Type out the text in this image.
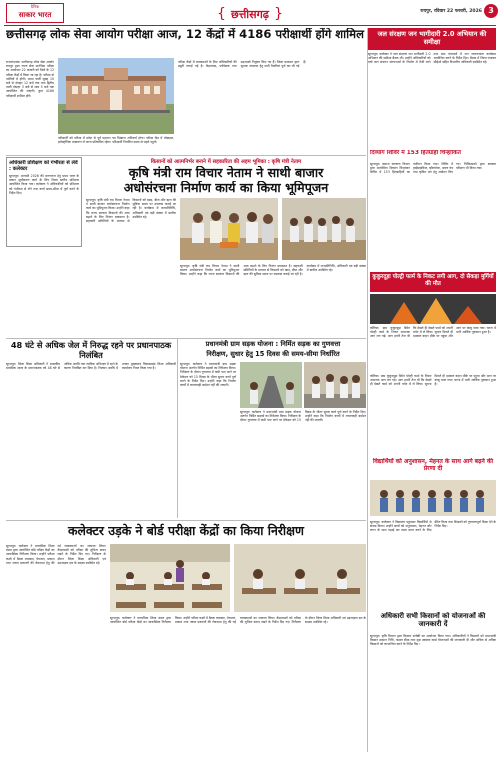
दैनिक
साकार भारत	{ छत्तीसगढ़ }	रायपुर, रविवार 22 फरवरी, 2026 3
छत्तीसगढ़ लोक सेवा आयोग परीक्षा आज, 12 केंद्रों में 4186 परीक्षार्थी होंगे शामिल
राजनांदगांव। छत्तीसगढ़ लोक सेवा आयोग रायपुर द्वारा राज्य सेवा प्रारंभिक परीक्षा का आयोजन 22 फरवरी को जिले के 12 परीक्षा केंद्रों में किया जा रहा है। परीक्षा दो पालियों में होगी। प्रथम पाली सुबह 10 बजे से दोपहर 12 बजे तक तथा द्वितीय पाली दोपहर 3 बजे से शाम 5 बजे तक आयोजित की जाएगी। कुल 4186 परीक्षार्थी शामिल होंगे।
परीक्षार्थी को परीक्षा में प्रवेश से पूर्व पहचान पत्र दिखाना अनिवार्य होगा। परीक्षा केंद्र में मोबाइल, इलेक्ट्रॉनिक उपकरण ले जाना प्रतिबंधित रहेगा। परीक्षार्थी निर्धारित समय से पहले पहुंचें।
परीक्षा केंद्रों में व्यवस्थाओं के लिए अधिकारियों की ड्यूटी लगाई गई है। केंद्राध्यक्ष, पर्यवेक्षक तथा उड़नदस्ते नियुक्त किए गए हैं। जिला प्रशासन द्वारा सुचारू संचालन हेतु सभी तैयारियां पूर्ण कर ली गई हैं।
जल संरक्षण जन भागीदारी 2.0 अभियान की समीक्षा
सूरजपुर। कलेक्टर ने जल संरक्षण जन भागीदारी 2.0 अभियान की समीक्षा बैठक ली। उन्होंने अधिकारियों को वर्षा जल संचयन संरचनाओं के निर्माण में तेजी लाने तथा ग्राम पंचायतों में जन जागरूकता कार्यक्रम आयोजित करने के निर्देश दिए। बैठक में जिला पंचायत सीईओ सहित विभागीय अधिकारी उपस्थित रहे।
अधिकारी प्रशिक्षण को गंभीरता से लेवें : कलेक्टर
सूरजपुर। आगामी 2026 की जनगणना हेतु प्रथम चरण के मकान सूचीकरण कार्य के लिए जिला स्तरीय प्रशिक्षण आयोजित किया गया। कलेक्टर ने अधिकारियों को प्रशिक्षण को गंभीरता से लेने तथा कार्य समय-सीमा में पूर्ण करने के निर्देश दिए।
किसानों को आत्मनिर्भर बनाने में सहकारिता की अहम भूमिका : कृषि मंत्री नेताम
कृषि मंत्री राम विचार नेताम ने साथी बाजार
अधोसंरचना निर्माण कार्य का किया भूमिपूजन
सूरजपुर। कृषि मंत्री राम विचार नेताम ने साथी बाजार अधोसंरचना निर्माण कार्य का भूमिपूजन किया। उन्होंने कहा कि राज्य सरकार किसानों की आय बढ़ाने के लिए निरंतर प्रयासरत है। सहकारी समितियों के माध्यम से किसानों को खाद, बीज और ऋण की सुविधा समय पर उपलब्ध कराई जा रही है। कार्यक्रम में जनप्रतिनिधि, अधिकारी एवं बड़ी संख्या में ग्रामीण उपस्थित रहे।
सूरजपुर। कृषि मंत्री राम विचार नेताम ने साथी बाजार अधोसंरचना निर्माण कार्य का भूमिपूजन किया। उन्होंने कहा कि राज्य सरकार किसानों की आय बढ़ाने के लिए निरंतर प्रयासरत है। सहकारी समितियों के माध्यम से किसानों को खाद, बीज और ऋण की सुविधा समय पर उपलब्ध कराई जा रही है। कार्यक्रम में जनप्रतिनिधि, अधिकारी एवं बड़ी संख्या में ग्रामीण उपस्थित रहे।
दिव्यांग शिविर में 153 हितग्राही चिन्हांकित
सूरजपुर। समाज कल्याण विभाग द्वारा आयोजित दिव्यांग चिन्हांकन शिविर में 153 हितग्राहियों का पंजीयन किया गया। शिविर में ट्राईसाइकिल, व्हीलचेयर, श्रवण यंत्र तथा कृत्रिम अंग हेतु आवेदन लिए गए। चिकित्सकों द्वारा स्वास्थ्य परीक्षण भी किया गया।
कुकुरदूड़ा पोल्ट्री फार्म के निकट लगी आग, दो सैकड़ा मुर्गियों की मौत
कोरिया। ग्राम कुकुरदूड़ा स्थित पोल्ट्री फार्म के निकट अचानक आग लग गई। आग इतनी तेज थी कि देखते ही देखते फार्म को अपनी चपेट में ले लिया। सूचना मिलते ही दमकल वाहन मौके पर पहुंचा और आग पर काबू पाया गया। घटना में भारी आर्थिक नुकसान हुआ है।
48 घंटे से अधिक जेल में निरुद्ध रहने पर प्रधानपाठक निलंबित
सूरजपुर। जिला शिक्षा अधिकारी ने शासकीय प्राथमिक शाला के प्रधानपाठक को 48 घंटे से अधिक अवधि तक न्यायिक अभिरक्षा में रहने के कारण निलंबित कर दिया है। निलंबन अवधि में उनका मुख्यालय विकासखंड शिक्षा अधिकारी कार्यालय नियत किया गया है।
प्रधानमंत्री ग्राम सड़क योजना : निर्मित सड़क का गुणवत्ता
निरीक्षण, सुधार हेतु 15 दिवस की समय-सीमा निर्धारित
सूरजपुर। कलेक्टर ने प्रधानमंत्री ग्राम सड़क योजना अंतर्गत निर्मित सड़कों का निरीक्षण किया। निरीक्षण के दौरान गुणवत्ता में कमी पाए जाने पर ठेकेदार को 15 दिवस के भीतर सुधार कार्य पूर्ण करने के निर्देश दिए। उन्होंने कहा कि निर्माण कार्यों में लापरवाही बर्दाश्त नहीं की जाएगी।
सूरजपुर। कलेक्टर ने प्रधानमंत्री ग्राम सड़क योजना अंतर्गत निर्मित सड़कों का निरीक्षण किया। निरीक्षण के दौरान गुणवत्ता में कमी पाए जाने पर ठेकेदार को 15 दिवस के भीतर सुधार कार्य पूर्ण करने के निर्देश दिए। उन्होंने कहा कि निर्माण कार्यों में लापरवाही बर्दाश्त नहीं की जाएगी।
कोरिया। ग्राम कुकुरदूड़ा स्थित पोल्ट्री फार्म के निकट अचानक आग लग गई। आग इतनी तेज थी कि देखते ही देखते फार्म को अपनी चपेट में ले लिया। सूचना मिलते ही दमकल वाहन मौके पर पहुंचा और आग पर काबू पाया गया। घटना में भारी आर्थिक नुकसान हुआ है।
विद्यार्थियों को अनुशासन, मेहनत के साथ आगे बढ़ने की प्रेरणा दी
कलेक्टर उड़के ने बोर्ड परीक्षा केंद्रों का किया निरीक्षण
सूरजपुर। कलेक्टर ने माध्यमिक शिक्षा मंडल द्वारा आयोजित बोर्ड परीक्षा केंद्रों का आकस्मिक निरीक्षण किया। उन्होंने परीक्षा कक्षों में बैठक व्यवस्था, पेयजल, प्रकाश तथा नकल प्रकरणों की रोकथाम हेतु की गई व्यवस्थाओं का जायजा लिया। केंद्राध्यक्षों को परीक्षा की शुचिता बनाए रखने के निर्देश दिए गए। निरीक्षण के दौरान जिला शिक्षा अधिकारी एवं उड़नदस्ता दल के सदस्य उपस्थित रहे।
सूरजपुर। कलेक्टर ने माध्यमिक शिक्षा मंडल द्वारा आयोजित बोर्ड परीक्षा केंद्रों का आकस्मिक निरीक्षण किया। उन्होंने परीक्षा कक्षों में बैठक व्यवस्था, पेयजल, प्रकाश तथा नकल प्रकरणों की रोकथाम हेतु की गई व्यवस्थाओं का जायजा लिया। केंद्राध्यक्षों को परीक्षा की शुचिता बनाए रखने के निर्देश दिए गए। निरीक्षण के दौरान जिला शिक्षा अधिकारी एवं उड़नदस्ता दल के सदस्य उपस्थित रहे।
सूरजपुर। कलेक्टर ने विद्यालय पहुंचकर विद्यार्थियों से संवाद किया। उन्होंने छात्रों को अनुशासन, मेहनत और लगन के साथ पढ़ाई कर लक्ष्य प्राप्त करने के लिए प्रेरित किया तथा शिक्षकों को गुणवत्तापूर्ण शिक्षा देने के निर्देश दिए।
अधिकारी सभी किसानों को योजनाओं की जानकारी दें
सूरजपुर। कृषि विभाग द्वारा किसान संगोष्ठी का आयोजन किया गया। अधिकारियों ने किसानों को प्रधानमंत्री किसान सम्मान निधि, फसल बीमा तथा मृदा स्वास्थ्य कार्ड योजनाओं की जानकारी दी और अधिक से अधिक किसानों को लाभान्वित करने के निर्देश दिए।
